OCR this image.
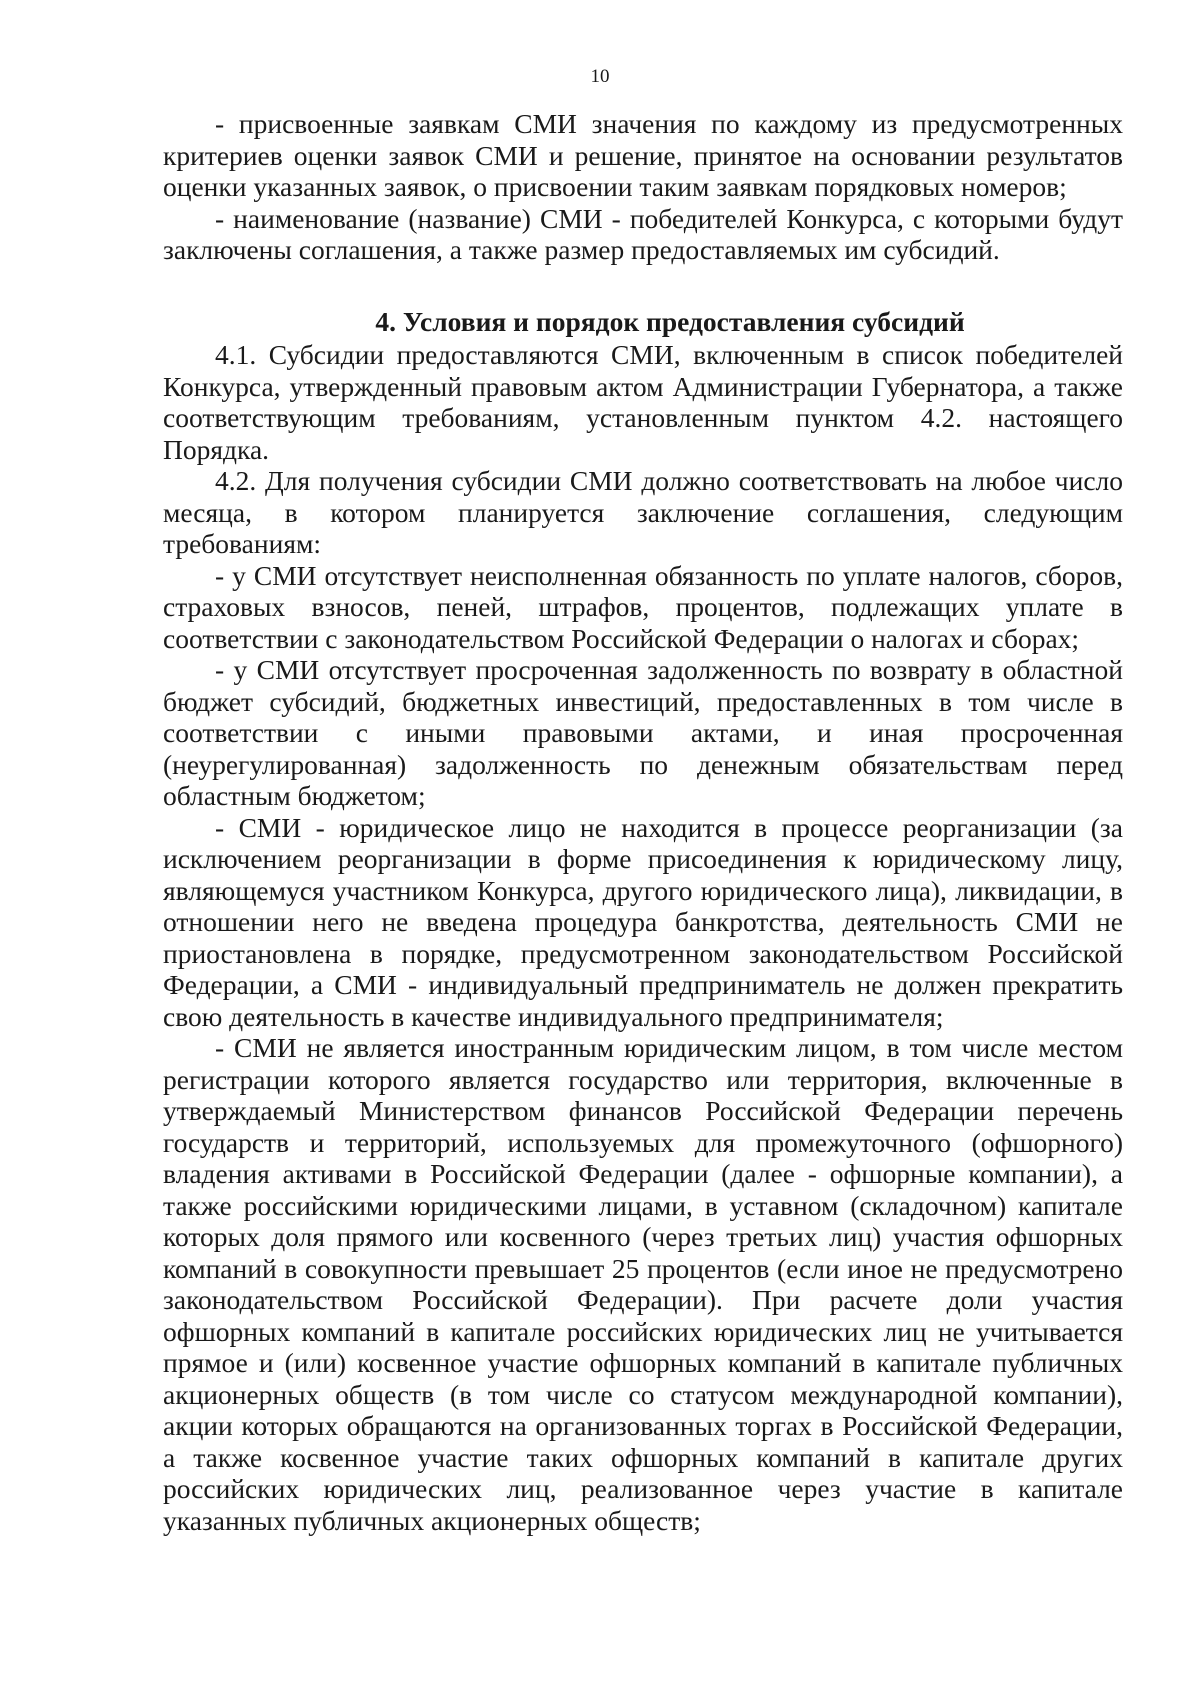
10

- присвоенные заявкам СМИ значения по каждому из предусмотренных критериев оценки заявок СМИ и решение, принятое на основании результатов оценки указанных заявок, о присвоении таким заявкам порядковых номеров;

- наименование (название) СМИ - победителей Конкурса, с которыми будут заключены соглашения, а также размер предоставляемых им субсидий.

4. Условия и порядок предоставления субсидий

4.1. Субсидии предоставляются СМИ, включенным в список победителей Конкурса, утвержденный правовым актом Администрации Губернатора, а также соответствующим требованиям, установленным пунктом 4.2. настоящего Порядка.

4.2. Для получения субсидии СМИ должно соответствовать на любое число месяца, в котором планируется заключение соглашения, следующим требованиям:

- у СМИ отсутствует неисполненная обязанность по уплате налогов, сборов, страховых взносов, пеней, штрафов, процентов, подлежащих уплате в соответствии с законодательством Российской Федерации о налогах и сборах;

- у СМИ отсутствует просроченная задолженность по возврату в областной бюджет субсидий, бюджетных инвестиций, предоставленных в том числе в соответствии с иными правовыми актами, и иная просроченная (неурегулированная) задолженность по денежным обязательствам перед областным бюджетом;

- СМИ - юридическое лицо не находится в процессе реорганизации (за исключением реорганизации в форме присоединения к юридическому лицу, являющемуся участником Конкурса, другого юридического лица), ликвидации, в отношении него не введена процедура банкротства, деятельность СМИ не приостановлена в порядке, предусмотренном законодательством Российской Федерации, а СМИ - индивидуальный предприниматель не должен прекратить свою деятельность в качестве индивидуального предпринимателя;

- СМИ не является иностранным юридическим лицом, в том числе местом регистрации которого является государство или территория, включенные в утверждаемый Министерством финансов Российской Федерации перечень государств и территорий, используемых для промежуточного (офшорного) владения активами в Российской Федерации (далее - офшорные компании), а также российскими юридическими лицами, в уставном (складочном) капитале которых доля прямого или косвенного (через третьих лиц) участия офшорных компаний в совокупности превышает 25 процентов (если иное не предусмотрено законодательством Российской Федерации). При расчете доли участия офшорных компаний в капитале российских юридических лиц не учитывается прямое и (или) косвенное участие офшорных компаний в капитале публичных акционерных обществ (в том числе со статусом международной компании), акции которых обращаются на организованных торгах в Российской Федерации, а также косвенное участие таких офшорных компаний в капитале других российских юридических лиц, реализованное через участие в капитале указанных публичных акционерных обществ;
